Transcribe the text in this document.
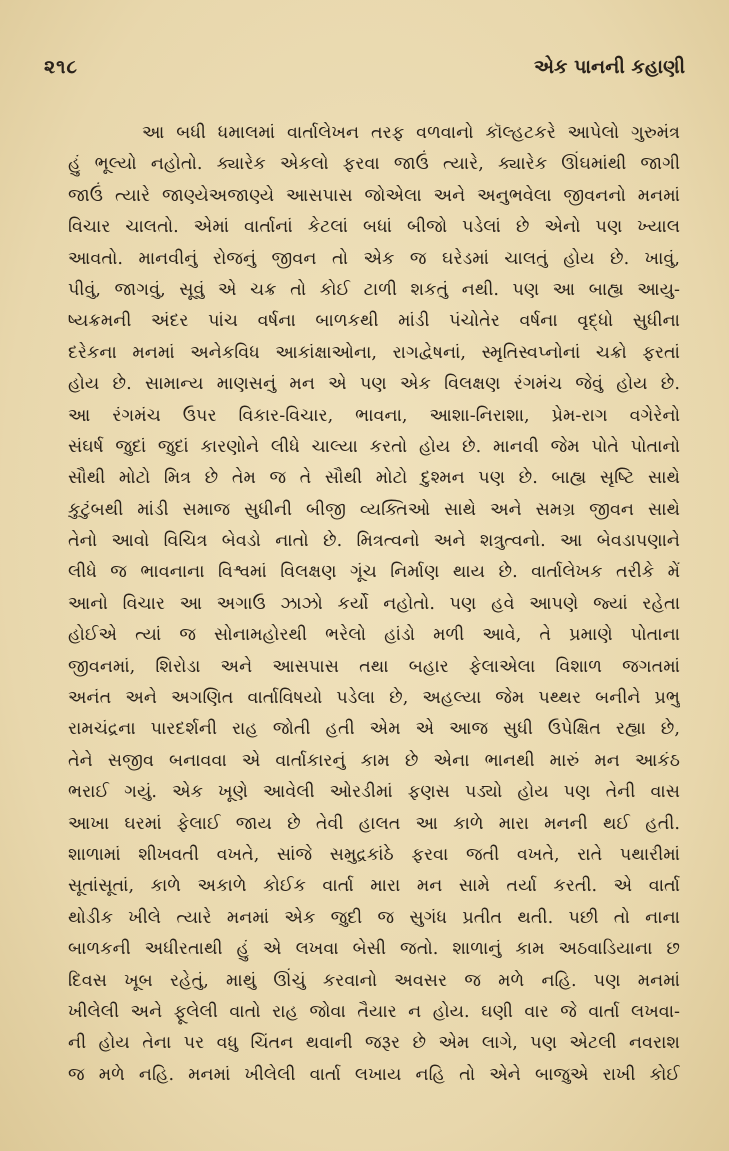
૨૧૮	એક પાનની કહાણી
આ બધી ધમાલમાં વાર્તાલેખન તરફ વળવાનો કૉલ્હટકરે આપેલો ગુરુમંત્ર
હું ભૂલ્યો નહોતો. ક્યારેક એકલો ફરવા જાઉં ત્યારે, ક્યારેક ઊંઘમાંથી જાગી
જાઉં ત્યારે જાણ્યેઅજાણ્યે આસપાસ જોએલા અને અનુભવેલા જીવનનો મનમાં
વિચાર ચાલતો. એમાં વાર્તાનાં કેટલાં બધાં બીજો પડેલાં છે એનો પણ ખ્યાલ
આવતો. માનવીનું રોજનું જીવન તો એક જ ઘરેડમાં ચાલતું હોય છે. ખાવું,
પીવું, જાગવું, સૂવું એ ચક્ર તો કોઈ ટાળી શકતું નથી. પણ આ બાહ્ય આયુ-
ષ્યક્રમની અંદર પાંચ વર્ષના બાળકથી માંડી પંચોતેર વર્ષના વૃદ્ધો સુધીના
દરેકના મનમાં અનેકવિધ આકાંક્ષાઓના, રાગદ્વેષનાં, સ્મૃતિસ્વપ્નોનાં ચક્રો ફરતાં
હોય છે. સામાન્ય માણસનું મન એ પણ એક વિલક્ષણ રંગમંચ જેવું હોય છે.
આ રંગમંચ ઉપર વિકાર-વિચાર, ભાવના, આશા-નિરાશા, પ્રેમ-રાગ વગેરેનો
સંઘર્ષ જુદાં જુદાં કારણોને લીધે ચાલ્યા કરતો હોય છે. માનવી જેમ પોતે પોતાનો
સૌથી મોટો મિત્ર છે તેમ જ તે સૌથી મોટો દુશ્મન પણ છે. બાહ્ય સૃષ્ટિ સાથે
કુટુંબથી માંડી સમાજ સુધીની બીજી વ્યક્તિઓ સાથે અને સમગ્ર જીવન સાથે
તેનો આવો વિચિત્ર બેવડો નાતો છે. મિત્રત્વનો અને શત્રુત્વનો. આ બેવડાપણાને
લીધે જ ભાવનાના વિશ્વમાં વિલક્ષણ ગૂંચ નિર્માણ થાય છે. વાર્તાલેખક તરીકે મેં
આનો વિચાર આ અગાઉ ઝાઝો કર્યો નહોતો. પણ હવે આપણે જ્યાં રહેતા
હોઈએ ત્યાં જ સોનામહોરથી ભરેલો હાંડો મળી આવે, તે પ્રમાણે પોતાના
જીવનમાં, શિરોડા અને આસપાસ તથા બહાર ફેલાએલા વિશાળ જગતમાં
અનંત અને અગણિત વાર્તાવિષયો પડેલા છે, અહલ્યા જેમ પથ્થર બનીને પ્રભુ
રામચંદ્રના પારદર્શની રાહ જોતી હતી એમ એ આજ સુધી ઉપેક્ષિત રહ્યા છે,
તેને સજીવ બનાવવા એ વાર્તાકારનું કામ છે એના ભાનથી મારું મન આકંઠ
ભરાઈ ગયું. એક ખૂણે આવેલી ઓરડીમાં ફણસ પડ્યો હોય પણ તેની વાસ
આખા ઘરમાં ફેલાઈ જાય છે તેવી હાલત આ કાળે મારા મનની થઈ હતી.
શાળામાં શીખવતી વખતે, સાંજે સમુદ્રકાંઠે ફરવા જતી વખતે, રાતે પથારીમાં
સૂતાંસૂતાં, કાળે અકાળે કોઈક વાર્તા મારા મન સામે તર્યા કરતી. એ વાર્તા
થોડીક ખીલે ત્યારે મનમાં એક જુદી જ સુગંધ પ્રતીત થતી. પછી તો નાના
બાળકની અધીરતાથી હું એ લખવા બેસી જતો. શાળાનું કામ અઠવાડિયાના છ
દિવસ ખૂબ રહેતું, માથું ઊંચું કરવાનો અવસર જ મળે નહિ. પણ મનમાં
ખીલેલી અને ફૂલેલી વાતો રાહ જોવા તૈયાર ન હોય. ઘણી વાર જે વાર્તા લખવા-
ની હોય તેના પર વધુ ચિંતન થવાની જરૂર છે એમ લાગે, પણ એટલી નવરાશ
જ મળે નહિ. મનમાં ખીલેલી વાર્તા લખાય નહિ તો એને બાજુએ રાખી કોઈ
